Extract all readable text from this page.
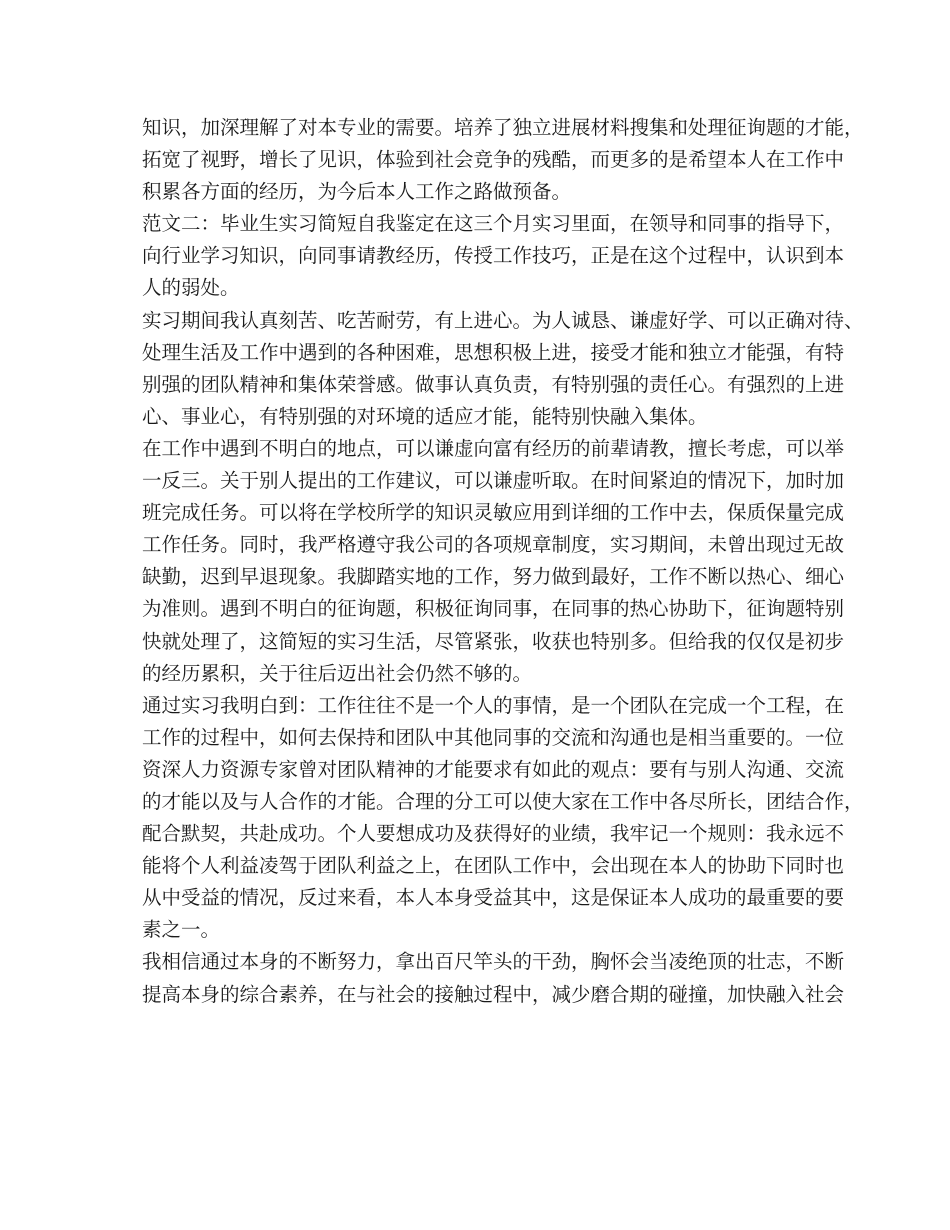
知识，加深理解了对本专业的需要。培养了独立进展材料搜集和处理征询题的才能，
拓宽了视野，增长了见识，体验到社会竞争的残酷，而更多的是希望本人在工作中
积累各方面的经历，为今后本人工作之路做预备。
范文二：毕业生实习简短自我鉴定在这三个月实习里面，在领导和同事的指导下，
向行业学习知识，向同事请教经历，传授工作技巧，正是在这个过程中，认识到本
人的弱处。
实习期间我认真刻苦、吃苦耐劳，有上进心。为人诚恳、谦虚好学、可以正确对待、
处理生活及工作中遇到的各种困难，思想积极上进，接受才能和独立才能强，有特
别强的团队精神和集体荣誉感。做事认真负责，有特别强的责任心。有强烈的上进
心、事业心，有特别强的对环境的适应才能，能特别快融入集体。
在工作中遇到不明白的地点，可以谦虚向富有经历的前辈请教，擅长考虑，可以举
一反三。关于别人提出的工作建议，可以谦虚听取。在时间紧迫的情况下，加时加
班完成任务。可以将在学校所学的知识灵敏应用到详细的工作中去，保质保量完成
工作任务。同时，我严格遵守我公司的各项规章制度，实习期间，未曾出现过无故
缺勤，迟到早退现象。我脚踏实地的工作，努力做到最好，工作不断以热心、细心
为准则。遇到不明白的征询题，积极征询同事，在同事的热心协助下，征询题特别
快就处理了，这简短的实习生活，尽管紧张，收获也特别多。但给我的仅仅是初步
的经历累积，关于往后迈出社会仍然不够的。
通过实习我明白到：工作往往不是一个人的事情，是一个团队在完成一个工程，在
工作的过程中，如何去保持和团队中其他同事的交流和沟通也是相当重要的。一位
资深人力资源专家曾对团队精神的才能要求有如此的观点：要有与别人沟通、交流
的才能以及与人合作的才能。合理的分工可以使大家在工作中各尽所长，团结合作，
配合默契，共赴成功。个人要想成功及获得好的业绩，我牢记一个规则：我永远不
能将个人利益凌驾于团队利益之上，在团队工作中，会出现在本人的协助下同时也
从中受益的情况，反过来看，本人本身受益其中，这是保证本人成功的最重要的要
素之一。
我相信通过本身的不断努力，拿出百尺竿头的干劲，胸怀会当凌绝顶的壮志，不断
提高本身的综合素养，在与社会的接触过程中，减少磨合期的碰撞，加快融入社会
